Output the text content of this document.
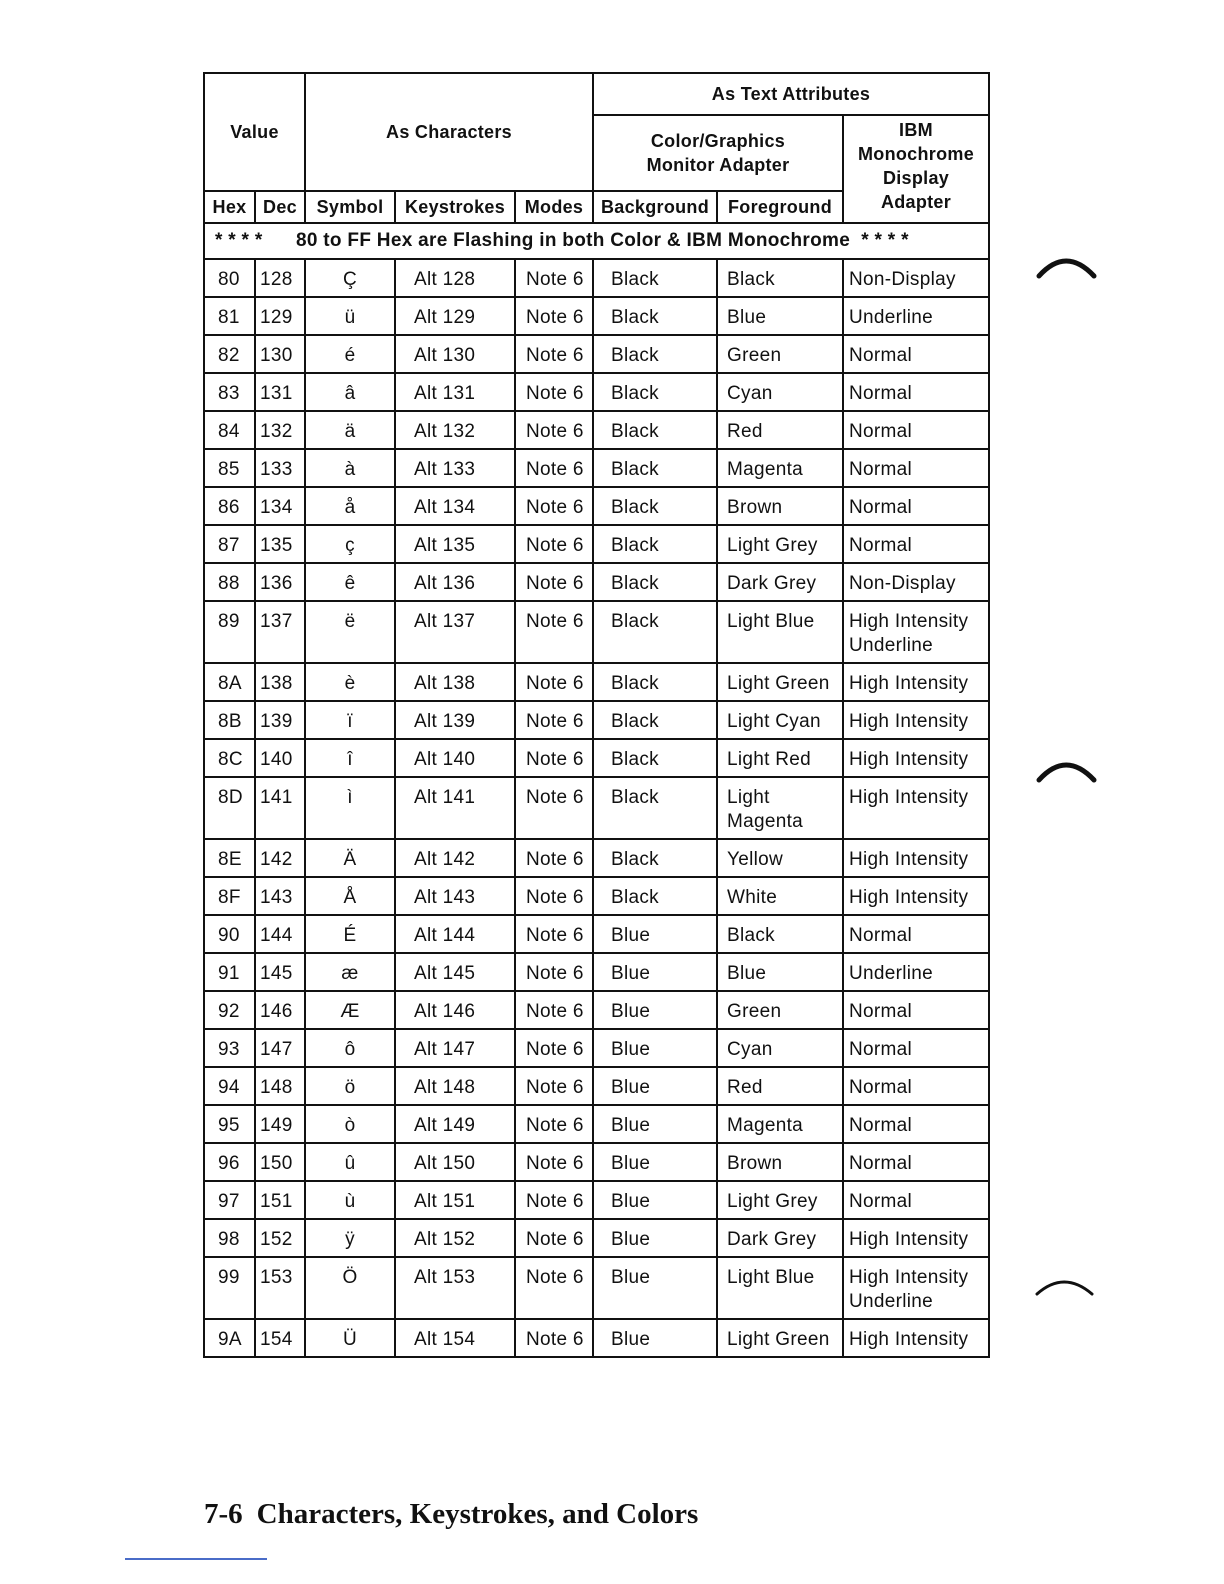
Value		As Characters			As Text Attributes		
					Color/Graphics Monitor Adapter		IBM Monochrome Display Adapter
Hex	Dec	Symbol	Keystrokes	Modes	Background	Foreground	
* * * *      80 to FF Hex are Flashing in both Color & IBM Monochrome  * * * *							
80	128	Ç	Alt 128	Note 6	Black	Black	Non-Display
81	129	ü	Alt 129	Note 6	Black	Blue	Underline
82	130	é	Alt 130	Note 6	Black	Green	Normal
83	131	â	Alt 131	Note 6	Black	Cyan	Normal
84	132	ä	Alt 132	Note 6	Black	Red	Normal
85	133	à	Alt 133	Note 6	Black	Magenta	Normal
86	134	å	Alt 134	Note 6	Black	Brown	Normal
87	135	ç	Alt 135	Note 6	Black	Light Grey	Normal
88	136	ê	Alt 136	Note 6	Black	Dark Grey	Non-Display
89	137	ë	Alt 137	Note 6	Black	Light Blue	High Intensity Underline
8A	138	è	Alt 138	Note 6	Black	Light Green	High Intensity
8B	139	ï	Alt 139	Note 6	Black	Light Cyan	High Intensity
8C	140	î	Alt 140	Note 6	Black	Light Red	High Intensity
8D	141	ì	Alt 141	Note 6	Black	Light Magenta	High Intensity
8E	142	Ä	Alt 142	Note 6	Black	Yellow	High Intensity
8F	143	Å	Alt 143	Note 6	Black	White	High Intensity
90	144	É	Alt 144	Note 6	Blue	Black	Normal
91	145	æ	Alt 145	Note 6	Blue	Blue	Underline
92	146	Æ	Alt 146	Note 6	Blue	Green	Normal
93	147	ô	Alt 147	Note 6	Blue	Cyan	Normal
94	148	ö	Alt 148	Note 6	Blue	Red	Normal
95	149	ò	Alt 149	Note 6	Blue	Magenta	Normal
96	150	û	Alt 150	Note 6	Blue	Brown	Normal
97	151	ù	Alt 151	Note 6	Blue	Light Grey	Normal
98	152	ÿ	Alt 152	Note 6	Blue	Dark Grey	High Intensity
99	153	Ö	Alt 153	Note 6	Blue	Light Blue	High Intensity Underline
9A	154	Ü	Alt 154	Note 6	Blue	Light Green	High Intensity
7-6 Characters, Keystrokes, and Colors
